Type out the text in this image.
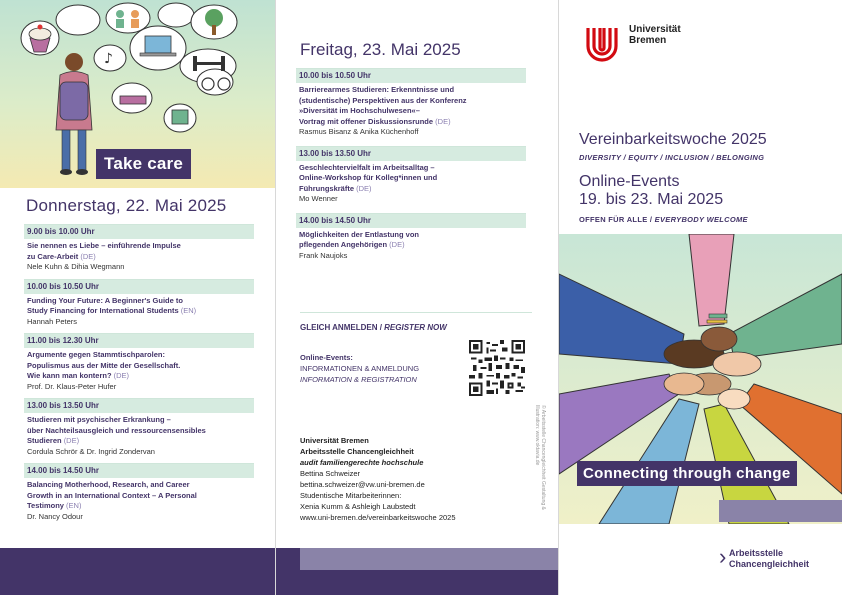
♪
Take care
Donnerstag, 22. Mai 2025
9.00 bis 10.00 Uhr
Sie nennen es Liebe – einführende Impulse
zu Care-Arbeit (DE)
Nele Kuhn & Dihia Wegmann
10.00 bis 10.50 Uhr
Funding Your Future: A Beginner's Guide to
Study Financing for International Students (EN)
Hannah Peters
11.00 bis 12.30 Uhr
Argumente gegen Stammtischparolen:
Populismus aus der Mitte der Gesellschaft.
Wie kann man kontern? (DE)
Prof. Dr. Klaus-Peter Hufer
13.00 bis 13.50 Uhr
Studieren mit psychischer Erkrankung –
über Nachteilsausgleich und ressourcensensibles
Studieren (DE)
Cordula Schrör & Dr. Ingrid Zondervan
14.00 bis 14.50 Uhr
Balancing Motherhood, Research, and Career
Growth in an International Context – A Personal
Testimony (EN)
Dr. Nancy Odour
Freitag, 23. Mai 2025
10.00 bis 10.50 Uhr
Barrierearmes Studieren: Erkenntnisse und
(studentische) Perspektiven aus der Konferenz
»Diversität im Hochschulwesen«–
Vortrag mit offener Diskussionsrunde (DE)
Rasmus Bisanz & Anika Küchenhoff
13.00 bis 13.50 Uhr
Geschlechtervielfalt im Arbeitsalltag –
Online-Workshop für Kolleg*innen und
Führungskräfte (DE)
Mo Wenner
14.00 bis 14.50 Uhr
Möglichkeiten der Entlastung von
pflegenden Angehörigen (DE)
Frank Naujoks
GLEICH ANMELDEN / REGISTER NOW
Online-Events:
INFORMATIONEN & ANMELDUNG
INFORMATION & REGISTRATION
Universität Bremen
Arbeitsstelle Chancengleichheit
audit familiengerechte hochschule
Bettina Schweizer
bettina.schweizer@vw.uni-bremen.de
Studentische Mitarbeiterinnen:
Xenia Kumm & Ashleigh Laubstedt
www.uni-bremen.de/vereinbarkeitswoche 2025
© Arbeitsstelle Chancengleichheit Gestaltung & Illustration: www.oktavia.de
Universität
Bremen
Vereinbarkeitswoche 2025
DIVERSITY / EQUITY / INCLUSION / BELONGING
Online-Events
19. bis 23. Mai 2025
OFFEN FÜR ALLE / EVERYBODY WELCOME
Connecting through change
› Arbeitsstelle
Chancengleichheit
